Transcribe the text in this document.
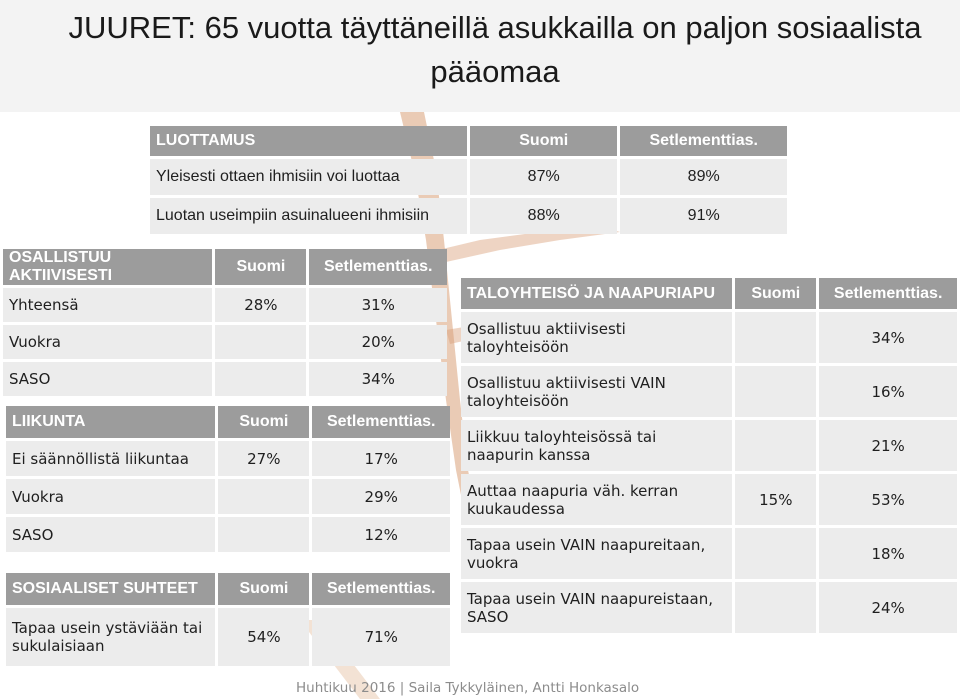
JUURET: 65 vuotta täyttäneillä asukkailla on paljon sosiaalista pääomaa
LUOTTAMUS	Suomi	Setlementtias.
Yleisesti ottaen ihmisiin voi luottaa	87%	89%
Luotan useimpiin asuinalueeni ihmisiin	88%	91%
OSALLISTUU AKTIIVISESTI	Suomi	Setlementtias.
Yhteensä	28%	31%
Vuokra		20%
SASO		34%
LIIKUNTA	Suomi	Setlementtias.
Ei säännöllistä liikuntaa	27%	17%
Vuokra		29%
SASO		12%
SOSIAALISET SUHTEET	Suomi	Setlementtias.
Tapaa usein ystäviään tai sukulaisiaan	54%	71%
TALOYHTEISÖ JA NAAPURIAPU	Suomi	Setlementtias.
Osallistuu aktiivisesti taloyhteisöön		34%
Osallistuu aktiivisesti VAIN taloyhteisöön		16%
Liikkuu taloyhteisössä tai naapurin kanssa		21%
Auttaa naapuria väh. kerran kuukaudessa	15%	53%
Tapaa usein VAIN naapureitaan, vuokra		18%
Tapaa usein VAIN naapureistaan, SASO		24%
Huhtikuu 2016 | Saila Tykkyläinen, Antti Honkasalo
